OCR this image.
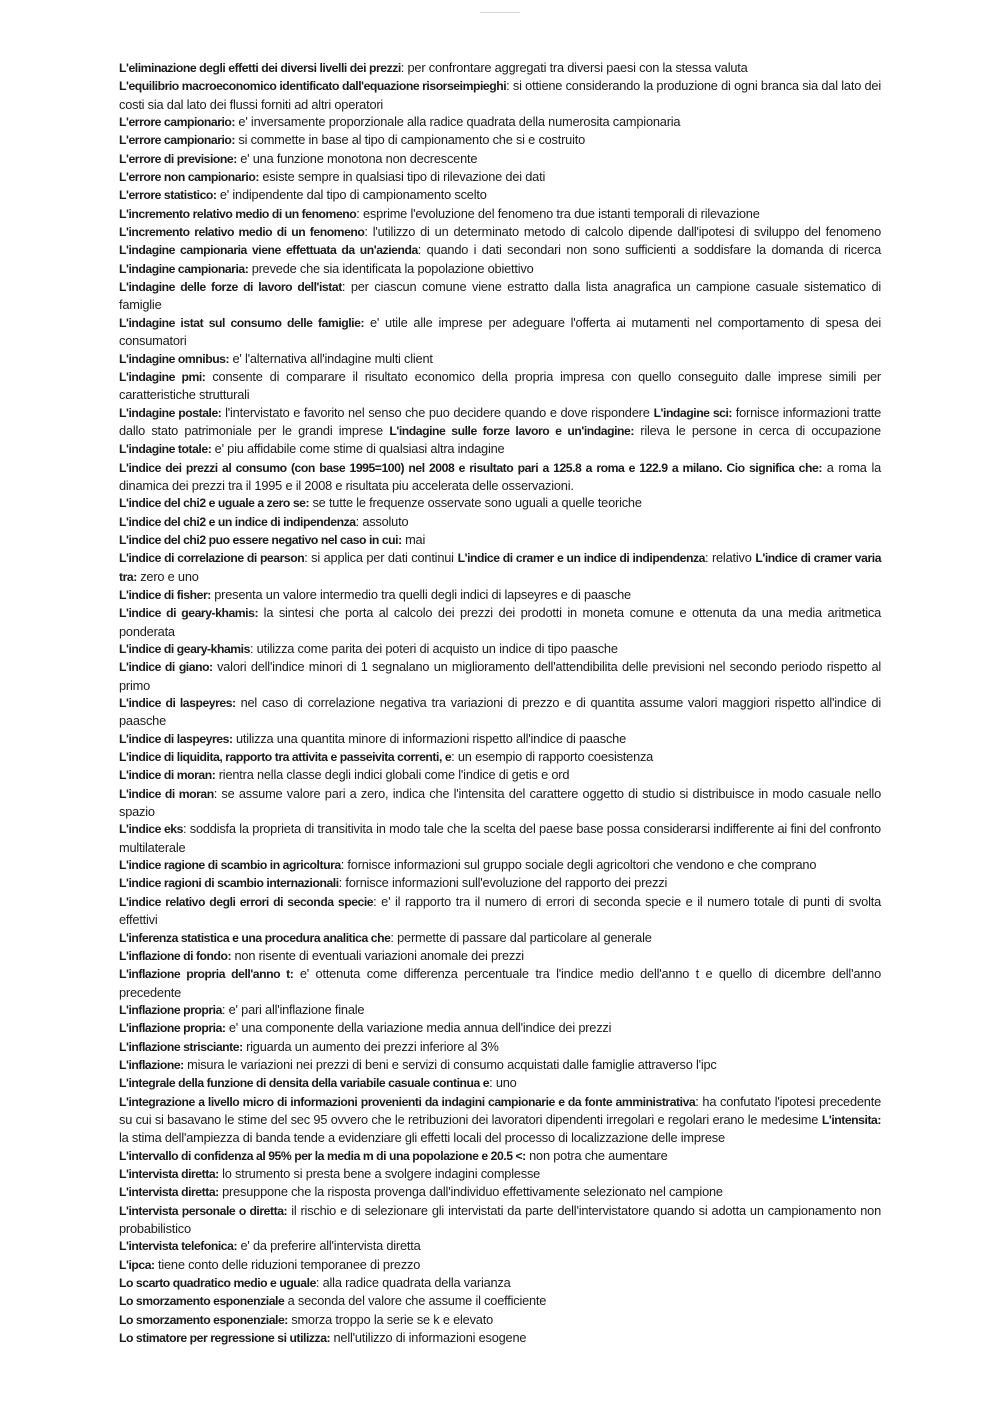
L'eliminazione degli effetti dei diversi livelli dei prezzi: per confrontare aggregati tra diversi paesi con la stessa valuta

L'equilibrio macroeconomico identificato dall'equazione risorseimpieghi: si ottiene considerando la produzione di ogni branca sia dal lato dei costi sia dal lato dei flussi forniti ad altri operatori

L'errore campionario: e' inversamente proporzionale alla radice quadrata della numerosita campionaria

L'errore campionario: si commette in base al tipo di campionamento che si e costruito

L'errore di previsione: e' una funzione monotona non decrescente

L'errore non campionario: esiste sempre in qualsiasi tipo di rilevazione dei dati

L'errore statistico: e' indipendente dal tipo di campionamento scelto

L'incremento relativo medio di un fenomeno: esprime l'evoluzione del fenomeno tra due istanti temporali di rilevazione

L'incremento relativo medio di un fenomeno: l'utilizzo di un determinato metodo di calcolo dipende dall'ipotesi di sviluppo del fenomeno L'indagine campionaria viene effettuata da un'azienda: quando i dati secondari non sono sufficienti a soddisfare la domanda di ricerca L'indagine campionaria: prevede che sia identificata la popolazione obiettivo

L'indagine delle forze di lavoro dell'istat: per ciascun comune viene estratto dalla lista anagrafica un campione casuale sistematico di famiglie

L'indagine istat sul consumo delle famiglie: e' utile alle imprese per adeguare l'offerta ai mutamenti nel comportamento di spesa dei consumatori

L'indagine omnibus: e' l'alternativa all'indagine multi client

L'indagine pmi: consente di comparare il risultato economico della propria impresa con quello conseguito dalle imprese simili per caratteristiche strutturali

L'indagine postale: l'intervistato e favorito nel senso che puo decidere quando e dove rispondere L'indagine sci: fornisce informazioni tratte dallo stato patrimoniale per le grandi imprese L'indagine sulle forze lavoro e un'indagine: rileva le persone in cerca di occupazione L'indagine totale: e' piu affidabile come stime di qualsiasi altra indagine

L'indice dei prezzi al consumo (con base 1995=100) nel 2008 e risultato pari a 125.8 a roma e 122.9 a milano. Cio significa che: a roma la dinamica dei prezzi tra il 1995 e il 2008 e risultata piu accelerata delle osservazioni.

L'indice del chi2 e uguale a zero se: se tutte le frequenze osservate sono uguali a quelle teoriche

L'indice del chi2 e un indice di indipendenza: assoluto

L'indice del chi2 puo essere negativo nel caso in cui: mai

L'indice di correlazione di pearson: si applica per dati continui L'indice di cramer e un indice di indipendenza: relativo L'indice di cramer varia tra: zero e uno

L'indice di fisher: presenta un valore intermedio tra quelli degli indici di lapseyres e di paasche

L'indice di geary-khamis: la sintesi che porta al calcolo dei prezzi dei prodotti in moneta comune e ottenuta da una media aritmetica ponderata

L'indice di geary-khamis: utilizza come parita dei poteri di acquisto un indice di tipo paasche

L'indice di giano: valori dell'indice minori di 1 segnalano un miglioramento dell'attendibilita delle previsioni nel secondo periodo rispetto al primo

L'indice di laspeyres: nel caso di correlazione negativa tra variazioni di prezzo e di quantita assume valori maggiori rispetto all'indice di paasche

L'indice di laspeyres: utilizza una quantita minore di informazioni rispetto all'indice di paasche

L'indice di liquidita, rapporto tra attivita e passeivita correnti, e: un esempio di rapporto coesistenza

L'indice di moran: rientra nella classe degli indici globali come l'indice di getis e ord

L'indice di moran: se assume valore pari a zero, indica che l'intensita del carattere oggetto di studio si distribuisce in modo casuale nello spazio

L'indice eks: soddisfa la proprieta di transitivita in modo tale che la scelta del paese base possa considerarsi indifferente ai fini del confronto multilaterale

L'indice ragione di scambio in agricoltura: fornisce informazioni sul gruppo sociale degli agricoltori che vendono e che comprano

L'indice ragioni di scambio internazionali: fornisce informazioni sull'evoluzione del rapporto dei prezzi

L'indice relativo degli errori di seconda specie: e' il rapporto tra il numero di errori di seconda specie e il numero totale di punti di svolta effettivi

L'inferenza statistica e una procedura analitica che: permette di passare dal particolare al generale

L'inflazione di fondo: non risente di eventuali variazioni anomale dei prezzi

L'inflazione propria dell'anno t: e' ottenuta come differenza percentuale tra l'indice medio dell'anno t e quello di dicembre dell'anno precedente

L'inflazione propria: e' pari all'inflazione finale

L'inflazione propria: e' una componente della variazione media annua dell'indice dei prezzi

L'inflazione strisciante: riguarda un aumento dei prezzi inferiore al 3%

L'inflazione: misura le variazioni nei prezzi di beni e servizi di consumo acquistati dalle famiglie attraverso l'ipc

L'integrale della funzione di densita della variabile casuale continua e: uno

L'integrazione a livello micro di informazioni provenienti da indagini campionarie e da fonte amministrativa: ha confutato l'ipotesi precedente su cui si basavano le stime del sec 95 ovvero che le retribuzioni dei lavoratori dipendenti irregolari e regolari erano le medesime L'intensita: la stima dell'ampiezza di banda tende a evidenziare gli effetti locali del processo di localizzazione delle imprese

L'intervallo di confidenza al 95% per la media m di una popolazione e 20.5 <: non potra che aumentare

L'intervista diretta: lo strumento si presta bene a svolgere indagini complesse

L'intervista diretta: presuppone che la risposta provenga dall'individuo effettivamente selezionato nel campione

L'intervista personale o diretta: il rischio e di selezionare gli intervistati da parte dell'intervistatore quando si adotta un campionamento non probabilistico

L'intervista telefonica: e' da preferire all'intervista diretta

L'ipca: tiene conto delle riduzioni temporanee di prezzo

Lo scarto quadratico medio e uguale: alla radice quadrata della varianza

Lo smorzamento esponenziale a seconda del valore che assume il coefficiente

Lo smorzamento esponenziale: smorza troppo la serie se k e elevato

Lo stimatore per regressione si utilizza: nell'utilizzo di informazioni esogene
